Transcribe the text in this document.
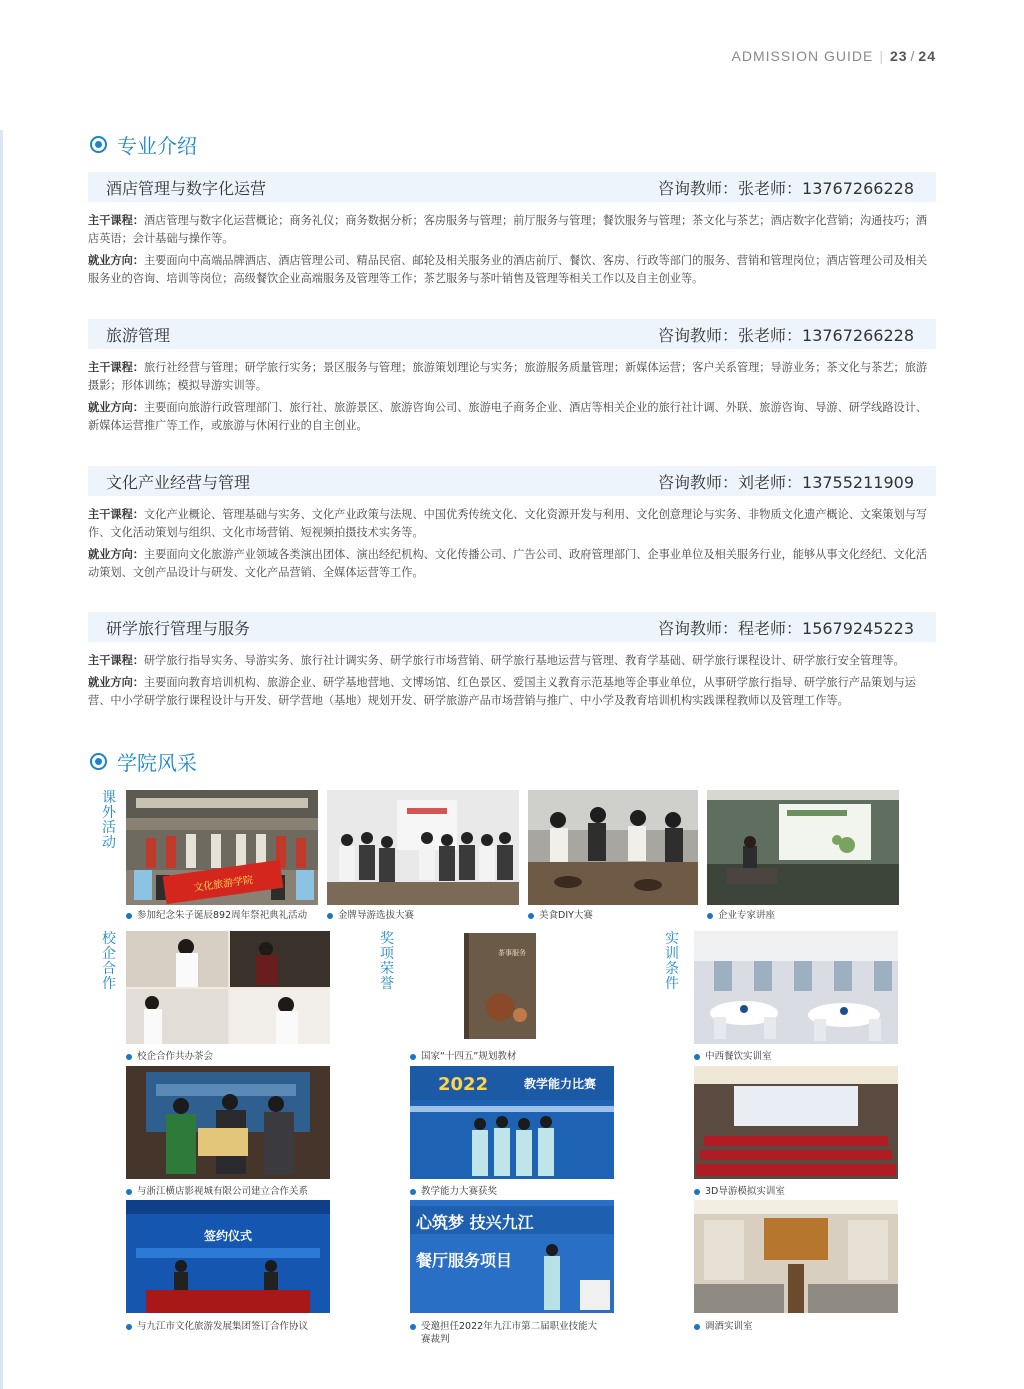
ADMISSION GUIDE | 23 / 24
专业介绍
酒店管理与数字化运营	咨询教师：张老师：13767266228

主干课程：酒店管理与数字化运营概论；商务礼仪；商务数据分析；客房服务与管理；前厅服务与管理；餐饮服务与管理；茶文化与茶艺；酒店数字化营销；沟通技巧；酒店英语；会计基础与操作等。

就业方向：主要面向中高端品牌酒店、酒店管理公司、精品民宿、邮轮及相关服务业的酒店前厅、餐饮、客房、行政等部门的服务、营销和管理岗位；酒店管理公司及相关服务业的咨询、培训等岗位；高级餐饮企业高端服务及管理等工作；茶艺服务与茶叶销售及管理等相关工作以及自主创业等。

旅游管理	咨询教师：张老师：13767266228

主干课程：旅行社经营与管理；研学旅行实务；景区服务与管理；旅游策划理论与实务；旅游服务质量管理；新媒体运营；客户关系管理；导游业务；茶文化与茶艺；旅游摄影；形体训练；模拟导游实训等。

就业方向：主要面向旅游行政管理部门、旅行社、旅游景区、旅游咨询公司、旅游电子商务企业、酒店等相关企业的旅行社计调、外联、旅游咨询、导游、研学线路设计、新媒体运营推广等工作，或旅游与休闲行业的自主创业。

文化产业经营与管理	咨询教师：刘老师：13755211909

主干课程：文化产业概论、管理基础与实务、文化产业政策与法规、中国优秀传统文化、文化资源开发与利用、文化创意理论与实务、非物质文化遗产概论、文案策划与写作、文化活动策划与组织、文化市场营销、短视频拍摄技术实务等。

就业方向：主要面向文化旅游产业领域各类演出团体、演出经纪机构、文化传播公司、广告公司、政府管理部门、企事业单位及相关服务行业，能够从事文化经纪、文化活动策划、文创产品设计与研发、文化产品营销、全媒体运营等工作。

研学旅行管理与服务	咨询教师：程老师：15679245223

主干课程：研学旅行指导实务、导游实务、旅行社计调实务、研学旅行市场营销、研学旅行基地运营与管理、教育学基础、研学旅行课程设计、研学旅行安全管理等。

就业方向：主要面向教育培训机构、旅游企业、研学基地营地、文博场馆、红色景区、爱国主义教育示范基地等企事业单位，从事研学旅行指导、研学旅行产品策划与运营、中小学研学旅行课程设计与开发、研学营地（基地）规划开发、研学旅游产品市场营销与推广、中小学及教育培训机构实践课程教师以及管理工作等。

学院风采
课外活动
校企合作
奖项荣誉
实训条件
文化旅游学院
参加纪念朱子诞辰892周年祭祀典礼活动	金牌导游选拔大赛	美食DIY大赛	企业专家讲座
茶事服务
校企合作共办茶会	国家“十四五”规划教材	中西餐饮实训室
2022	教学能力比赛
与浙江横店影视城有限公司建立合作关系	教学能力大赛获奖	3D导游模拟实训室
签约仪式
心筑梦 技兴九江
餐厅服务项目
与九江市文化旅游发展集团签订合作协议	受邀担任2022年九江市第二届职业技能大赛裁判
调酒实训室
